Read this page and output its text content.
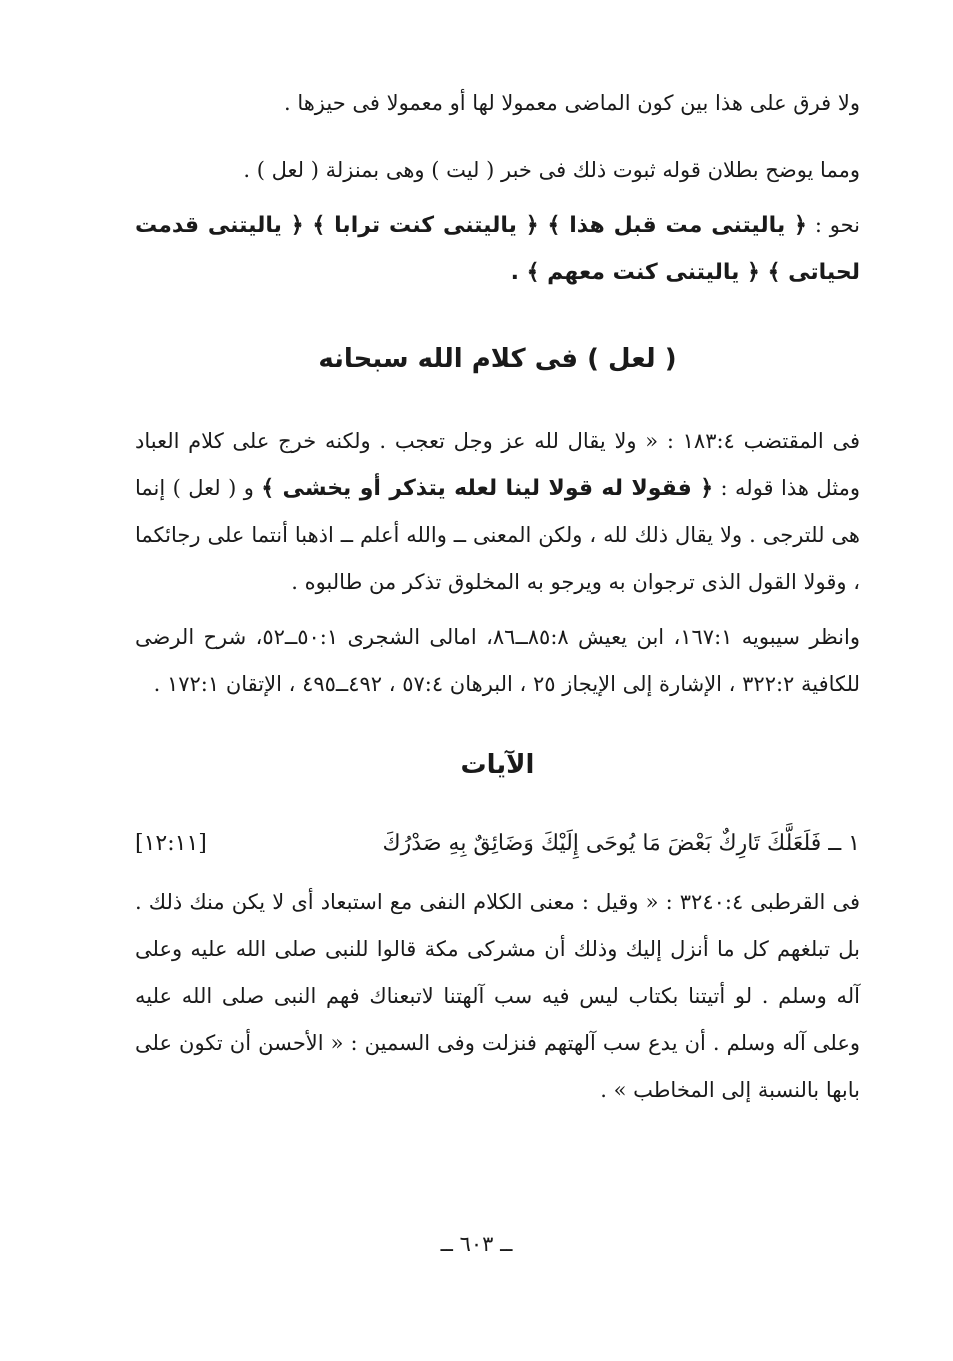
ولا فرق على هذا بين كون الماضى معمولا لها أو معمولا فى حيزها .

ومما يوضح بطلان قوله ثبوت ذلك فى خبر ( ليت ) وهى بمنزلة ( لعل ) .

نحو : ﴿ ياليتنى مت قبل هذا ﴾ ﴿ ياليتنى كنت ترابا ﴾ ﴿ ياليتنى قدمت لحياتى ﴾ ﴿ ياليتنى كنت معهم ﴾ .

( لعل ) فى كلام الله سبحانه

فى المقتضب ١٨٣:٤ : « ولا يقال لله عز وجل تعجب . ولكنه خرج على كلام العباد ومثل هذا قوله : ﴿ فقولا له قولا لينا لعله يتذكر أو يخشى ﴾ و ( لعل ) إنما هى للترجى . ولا يقال ذلك لله ، ولكن المعنى ــ والله أعلم ــ اذهبا أنتما على رجائكما ، وقولا القول الذى ترجوان به ويرجو به المخلوق تذكر من طالبوه .

وانظر سيبويه ١٦٧:١، ابن يعيش ٨٥:٨ــ٨٦، امالى الشجرى ٥٠:١ــ٥٢، شرح الرضى للكافية ٣٢٢:٢ ، الإشارة إلى الإيجاز ٢٥ ، البرهان ٥٧:٤ ، ٤٩٢ــ٤٩٥ ، الإتقان ١٧٢:١ .

الآيات
١ ــ فَلَعَلَّكَ تَارِكٌ بَعْضَ مَا يُوحَى إِلَيْكَ وَضَائِقٌ بِهِ صَدْرُكَ
[١٢:١١]

فى القرطبى ٣٢٤٠:٤ : « وقيل : معنى الكلام النفى مع استبعاد أى لا يكن منك ذلك . بل تبلغهم كل ما أنزل إليك وذلك أن مشركى مكة قالوا للنبى صلى الله عليه وعلى آله وسلم . لو أتيتنا بكتاب ليس فيه سب آلهتنا لاتبعناك فهم النبى صلى الله عليه وعلى آله وسلم . أن يدع سب آلهتهم فنزلت وفى السمين : « الأحسن أن تكون على بابها بالنسبة إلى المخاطب » .

ــ ٦٠٣ ــ
